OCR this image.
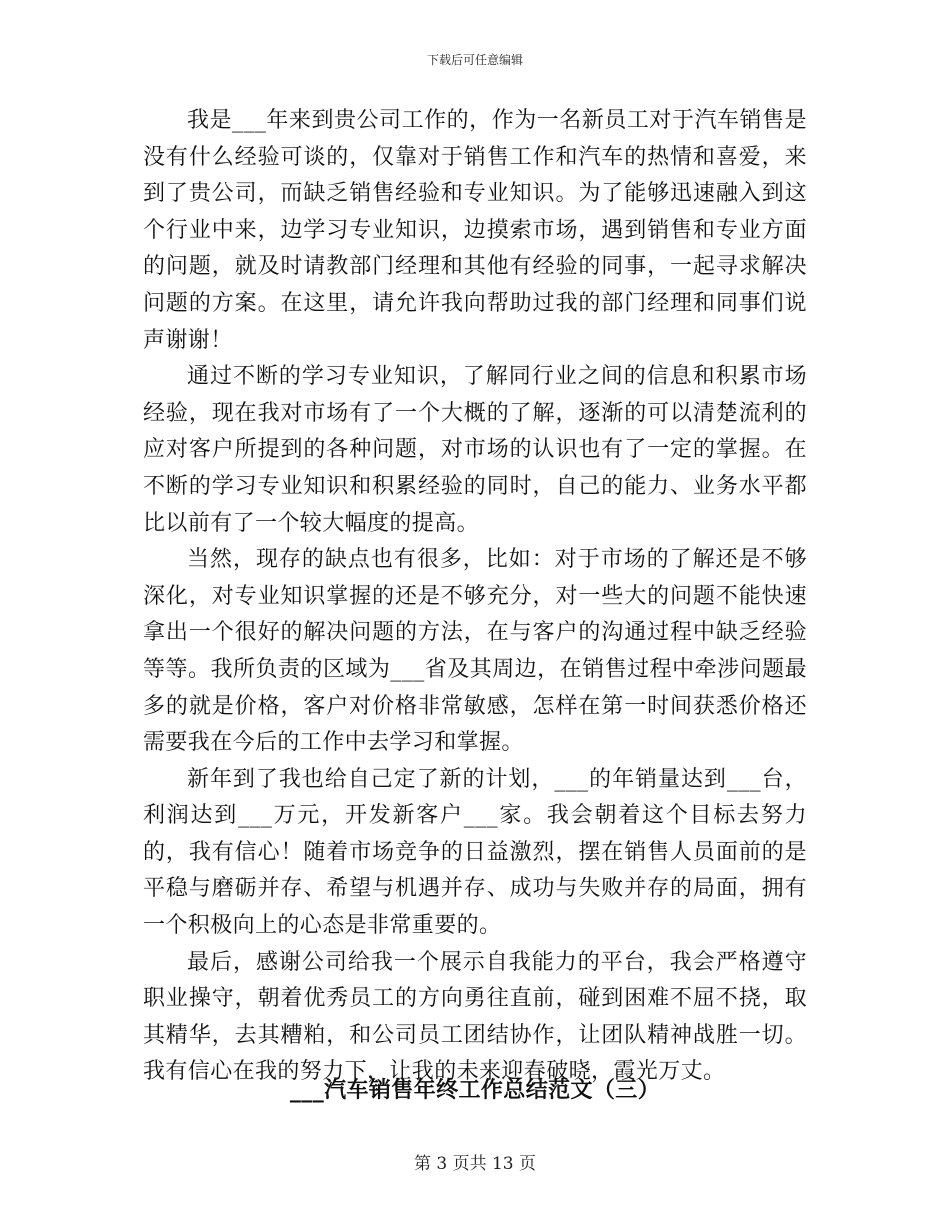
下载后可任意编辑

我是___年来到贵公司工作的，作为一名新员工对于汽车销售是没有什么经验可谈的，仅靠对于销售工作和汽车的热情和喜爱，来到了贵公司，而缺乏销售经验和专业知识。为了能够迅速融入到这个行业中来，边学习专业知识，边摸索市场，遇到销售和专业方面的问题，就及时请教部门经理和其他有经验的同事，一起寻求解决问题的方案。在这里，请允许我向帮助过我的部门经理和同事们说声谢谢！

通过不断的学习专业知识，了解同行业之间的信息和积累市场经验，现在我对市场有了一个大概的了解，逐渐的可以清楚流利的应对客户所提到的各种问题，对市场的认识也有了一定的掌握。在不断的学习专业知识和积累经验的同时，自己的能力、业务水平都比以前有了一个较大幅度的提高。

当然，现存的缺点也有很多，比如：对于市场的了解还是不够深化，对专业知识掌握的还是不够充分，对一些大的问题不能快速拿出一个很好的解决问题的方法，在与客户的沟通过程中缺乏经验等等。我所负责的区域为___省及其周边，在销售过程中牵涉问题最多的就是价格，客户对价格非常敏感，怎样在第一时间获悉价格还需要我在今后的工作中去学习和掌握。

新年到了我也给自己定了新的计划，___的年销量达到___台，利润达到___万元，开发新客户___家。我会朝着这个目标去努力的，我有信心！随着市场竞争的日益激烈，摆在销售人员面前的是平稳与磨砺并存、希望与机遇并存、成功与失败并存的局面，拥有一个积极向上的心态是非常重要的。

最后，感谢公司给我一个展示自我能力的平台，我会严格遵守职业操守，朝着优秀员工的方向勇往直前，碰到困难不屈不挠，取其精华，去其糟粕，和公司员工团结协作，让团队精神战胜一切。我有信心在我的努力下，让我的未来迎春破晓，霞光万丈。

___汽车销售年终工作总结范文（三）
第 3 页共 13 页
